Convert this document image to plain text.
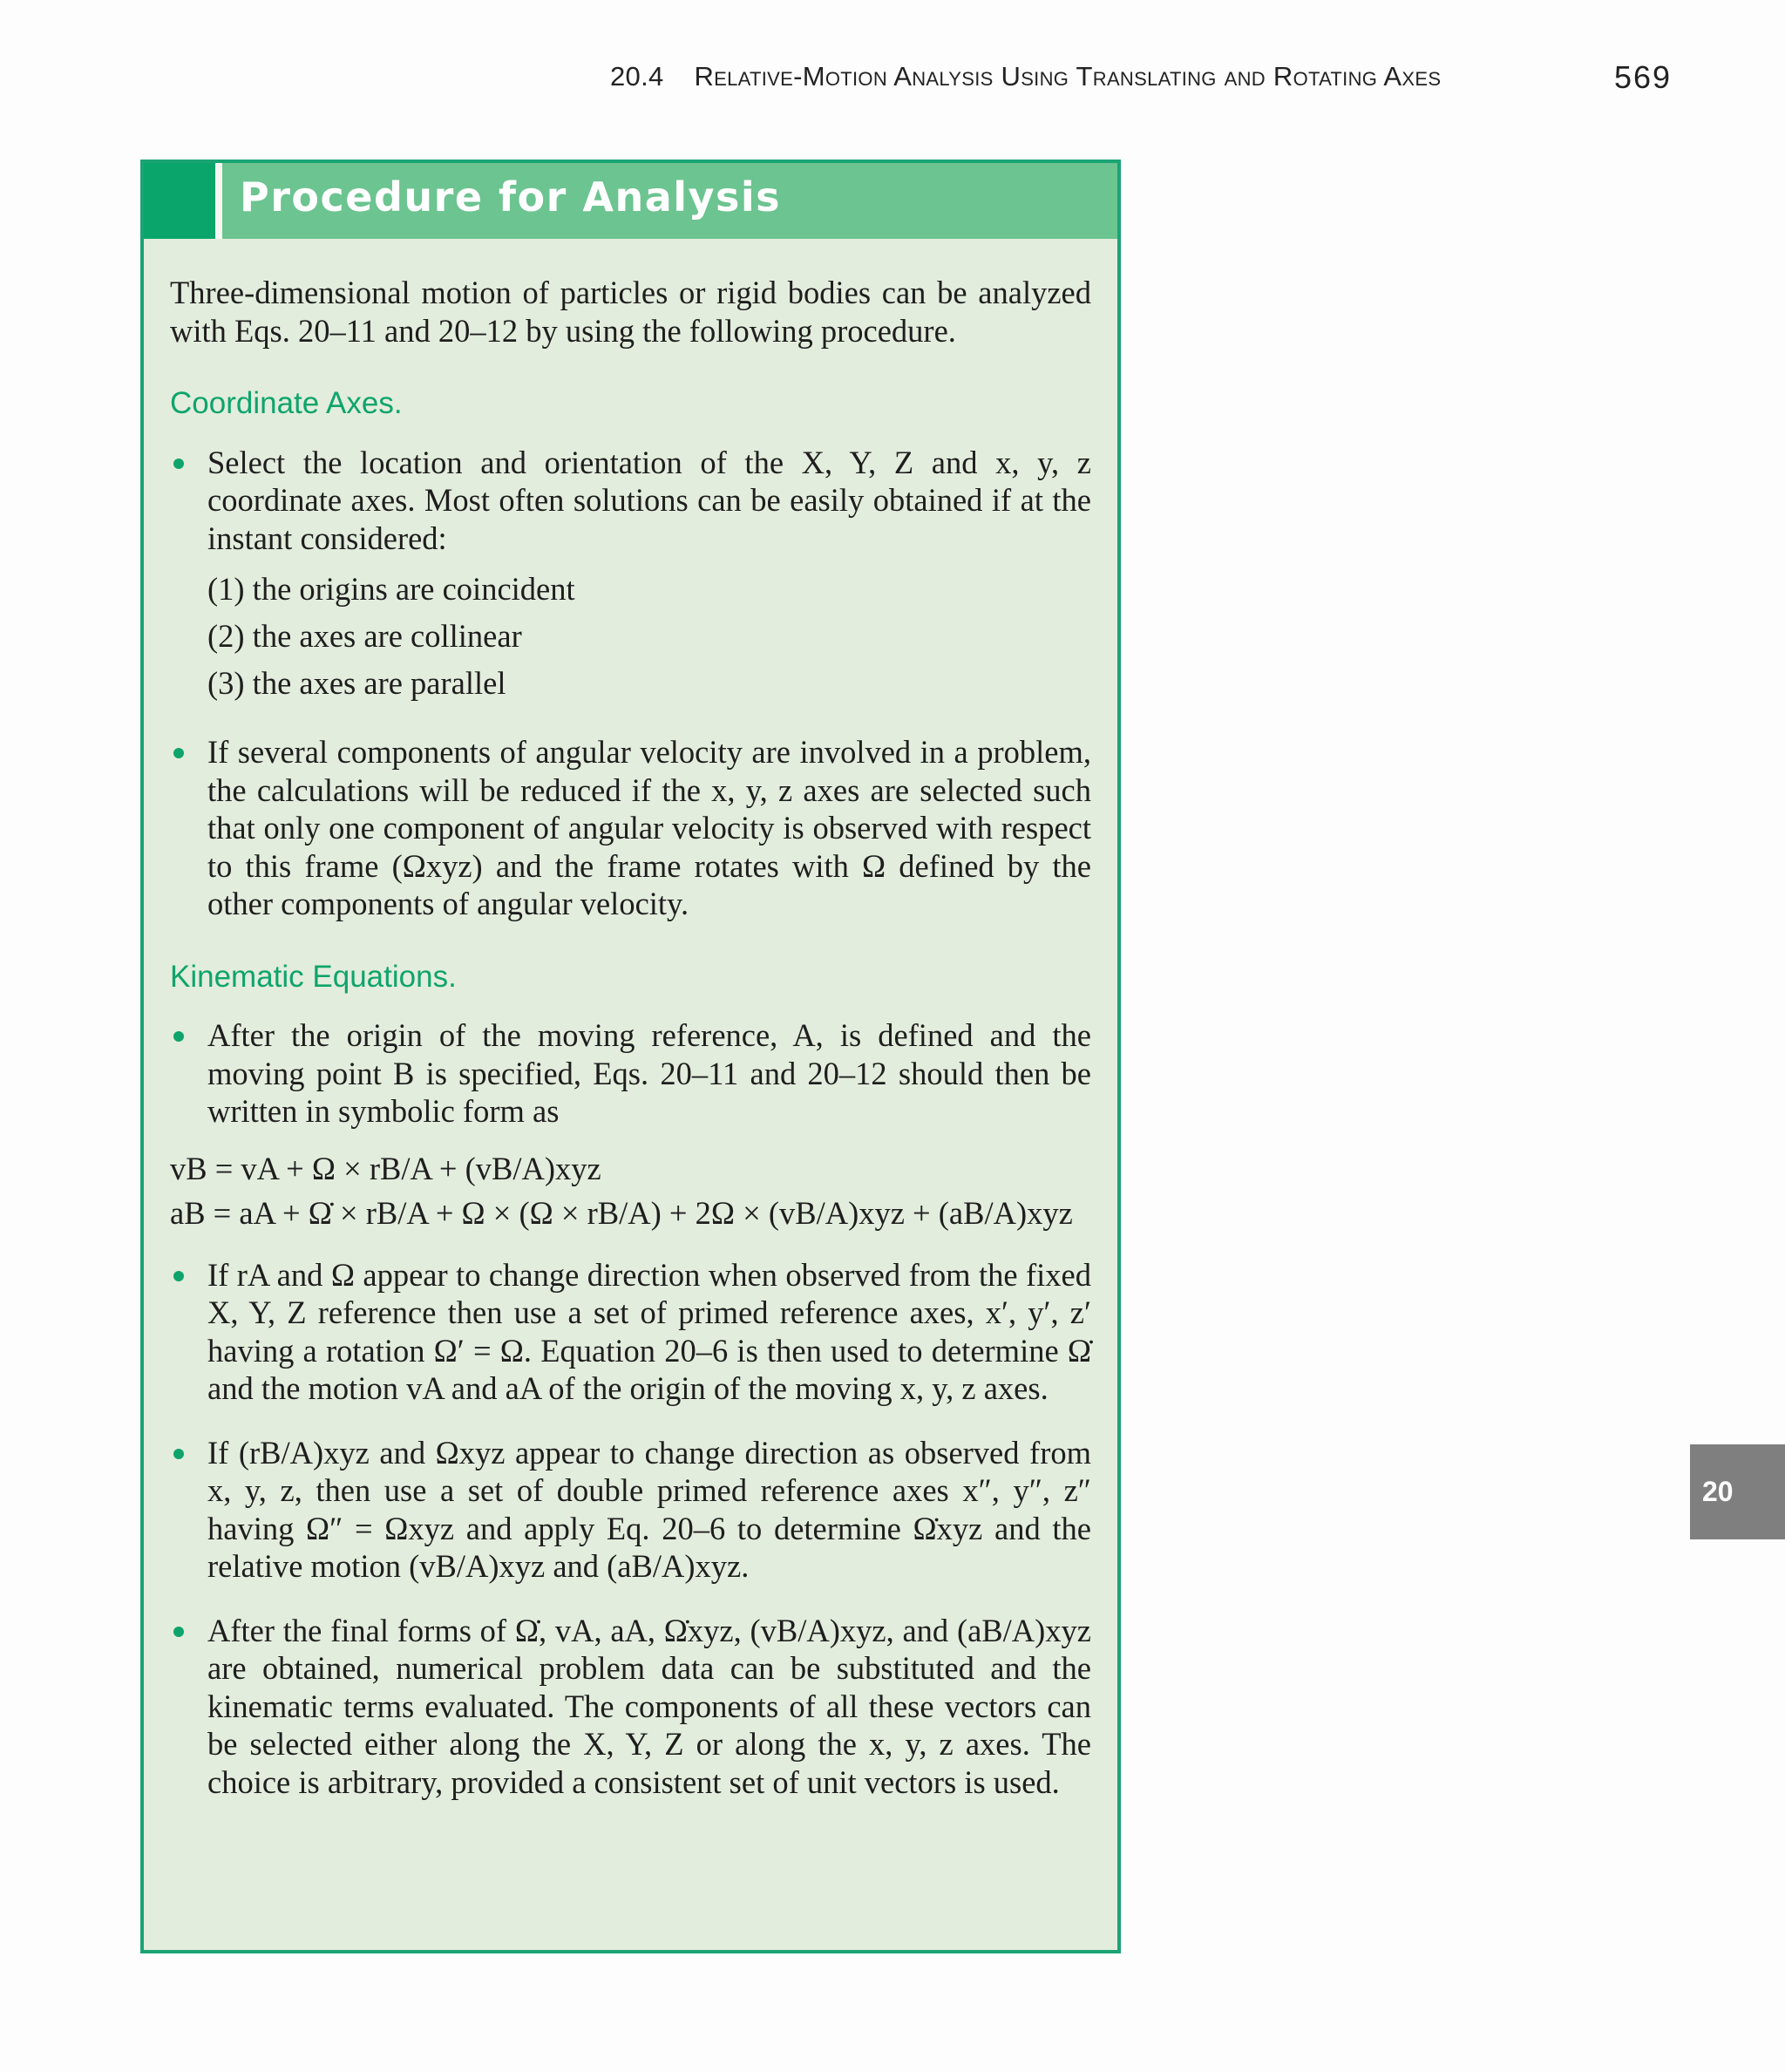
20.4 Relative-Motion Analysis Using Translating and Rotating Axes	569
Procedure for Analysis

Three-dimensional motion of particles or rigid bodies can be analyzed with Eqs. 20–11 and 20–12 by using the following procedure.

Coordinate Axes.

Select the location and orientation of the X, Y, Z and x, y, z coordinate axes. Most often solutions can be easily obtained if at the instant considered:

(1) the origins are coincident
(2) the axes are collinear
(3) the axes are parallel

If several components of angular velocity are involved in a problem, the calculations will be reduced if the x, y, z axes are selected such that only one component of angular velocity is observed with respect to this frame (Ωxyz) and the frame rotates with Ω defined by the other components of angular velocity.

Kinematic Equations.

After the origin of the moving reference, A, is defined and the moving point B is specified, Eqs. 20–11 and 20–12 should then be written in symbolic form as

vB = vA + Ω × rB/A + (vB/A)xyz
aB = aA + Ω̇ × rB/A + Ω × (Ω × rB/A) + 2Ω × (vB/A)xyz + (aB/A)xyz

If rA and Ω appear to change direction when observed from the fixed X, Y, Z reference then use a set of primed reference axes, x′, y′, z′ having a rotation Ω′ = Ω. Equation 20–6 is then used to determine Ω̇ and the motion vA and aA of the origin of the moving x, y, z axes.

If (rB/A)xyz and Ωxyz appear to change direction as observed from x, y, z, then use a set of double primed reference axes x″, y″, z″ having Ω″ = Ωxyz and apply Eq. 20–6 to determine Ω̇xyz and the relative motion (vB/A)xyz and (aB/A)xyz.

After the final forms of Ω̇, vA, aA, Ω̇xyz, (vB/A)xyz, and (aB/A)xyz are obtained, numerical problem data can be substituted and the kinematic terms evaluated. The components of all these vectors can be selected either along the X, Y, Z or along the x, y, z axes. The choice is arbitrary, provided a consistent set of unit vectors is used.

20
